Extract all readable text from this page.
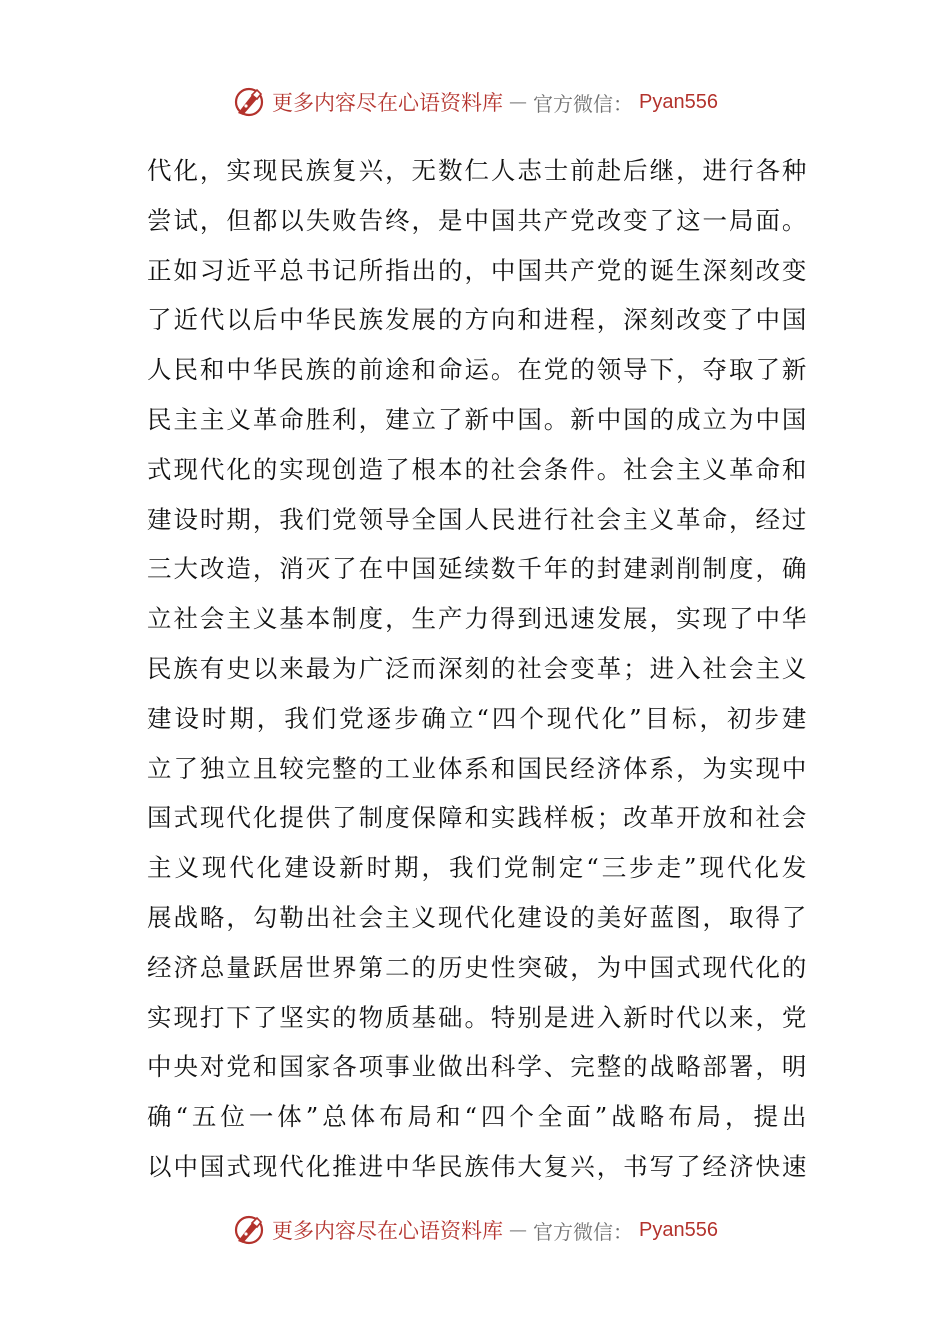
更多内容尽在心语资料库 — 官方微信： Pyan556
代化，实现民族复兴，无数仁人志士前赴后继，进行各种
尝试，但都以失败告终，是中国共产党改变了这一局面。
正如习近平总书记所指出的，中国共产党的诞生深刻改变
了近代以后中华民族发展的方向和进程，深刻改变了中国
人民和中华民族的前途和命运。在党的领导下，夺取了新
民主主义革命胜利，建立了新中国。新中国的成立为中国
式现代化的实现创造了根本的社会条件。社会主义革命和
建设时期，我们党领导全国人民进行社会主义革命，经过
三大改造，消灭了在中国延续数千年的封建剥削制度，确
立社会主义基本制度，生产力得到迅速发展，实现了中华
民族有史以来最为广泛而深刻的社会变革；进入社会主义
建设时期，我们党逐步确立“四个现代化”目标，初步建
立了独立且较完整的工业体系和国民经济体系，为实现中
国式现代化提供了制度保障和实践样板；改革开放和社会
主义现代化建设新时期，我们党制定“三步走”现代化发
展战略，勾勒出社会主义现代化建设的美好蓝图，取得了
经济总量跃居世界第二的历史性突破，为中国式现代化的
实现打下了坚实的物质基础。特别是进入新时代以来，党
中央对党和国家各项事业做出科学、完整的战略部署，明
确“五位一体”总体布局和“四个全面”战略布局，提出
以中国式现代化推进中华民族伟大复兴，书写了经济快速
更多内容尽在心语资料库 — 官方微信： Pyan556
